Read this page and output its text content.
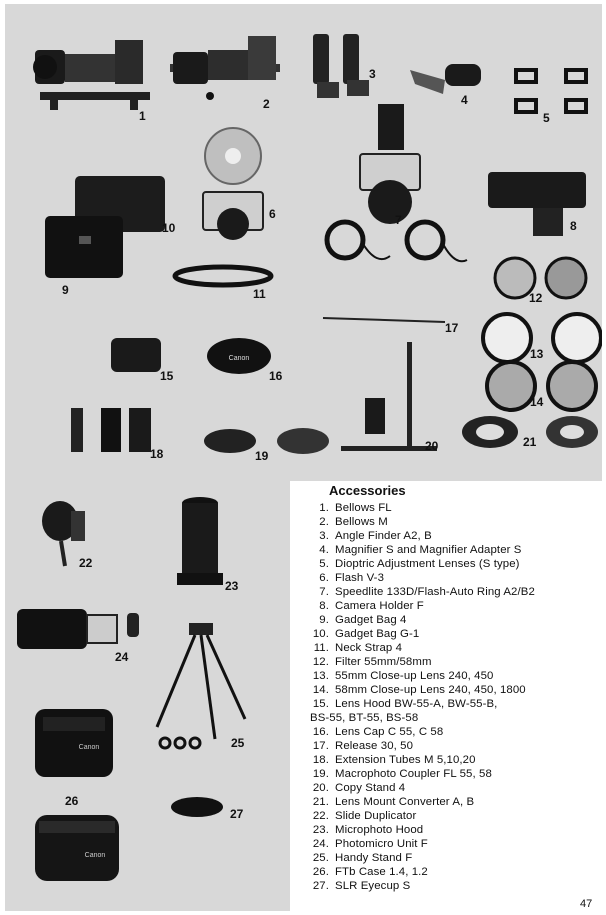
Canon
1
2
3
4
5
6	7	8
9
10
11	12
13
14
15	16
17
18	19
20	21
Canon
Canon
22
23
24
25
26
27
Accessories
1. Bellows FL
2. Bellows M
3. Angle Finder A2, B
4. Magnifier S and Magnifier Adapter S
5. Dioptric Adjustment Lenses (S type)
6. Flash V-3
7. Speedlite 133D/Flash-Auto Ring A2/B2
8. Camera Holder F
9. Gadget Bag 4
10. Gadget Bag G-1
11. Neck Strap 4
12. Filter 55mm/58mm
13. 55mm Close-up Lens 240, 450
14. 58mm Close-up Lens 240, 450, 1800
15. Lens Hood BW-55-A, BW-55-B,
BS-55, BT-55, BS-58
16. Lens Cap C 55, C 58
17. Release 30, 50
18. Extension Tubes M 5,10,20
19. Macrophoto Coupler FL 55, 58
20. Copy Stand 4
21. Lens Mount Converter A, B
22. Slide Duplicator
23. Microphoto Hood
24. Photomicro Unit F
25. Handy Stand F
26. FTb Case 1.4, 1.2
27. SLR Eyecup S
47
